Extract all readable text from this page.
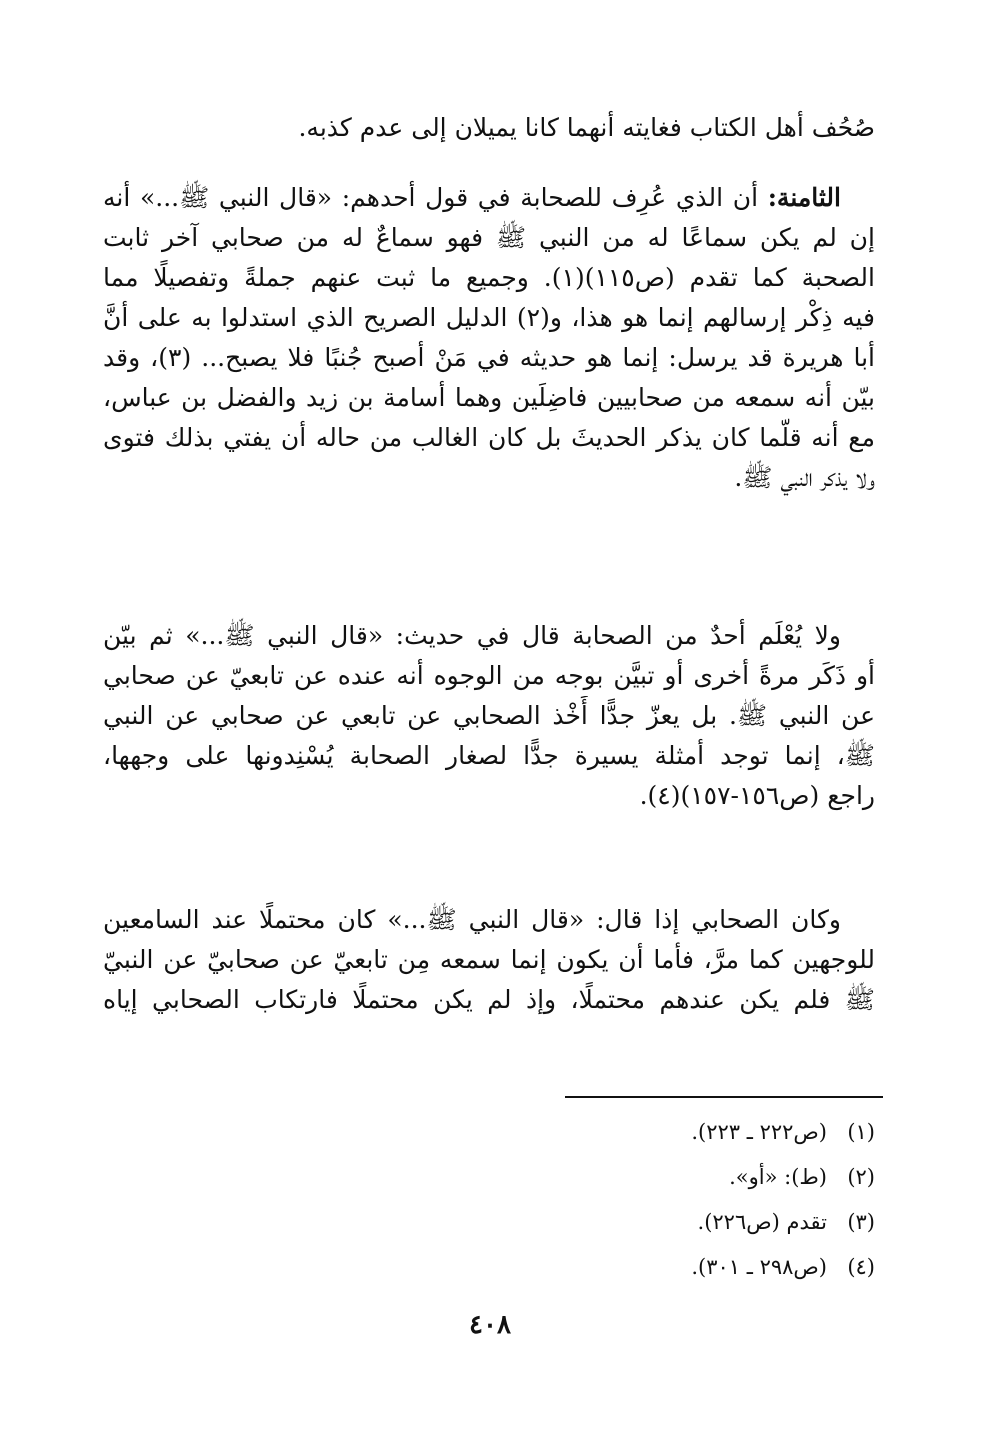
صُحُف أهل الكتاب فغايته أنهما كانا يميلان إلى عدم كذبه.
الثامنة: أن الذي عُرِف للصحابة في قول أحدهم: «قال النبي ﷺ...» أنه
إن لم يكن سماعًا له من النبي ﷺ فهو سماعٌ له من صحابي آخر ثابت
الصحبة كما تقدم (ص١١٥)(١). وجميع ما ثبت عنهم جملةً وتفصيلًا مما
فيه ذِكْر إرسالهم إنما هو هذا، و(٢) الدليل الصريح الذي استدلوا به على أنَّ
أبا هريرة قد يرسل: إنما هو حديثه في مَنْ أصبح جُنبًا فلا يصبح... (٣)، وقد
بيّن أنه سمعه من صحابيين فاضِلَين وهما أسامة بن زيد والفضل بن عباس،
مع أنه قلّما كان يذكر الحديثَ بل كان الغالب من حاله أن يفتي بذلك فتوى
ولا يذكر النبي ﷺ.
ولا يُعْلَم أحدٌ من الصحابة قال في حديث: «قال النبي ﷺ...» ثم بيّن
أو ذَكَر مرةً أخرى أو تبيَّن بوجه من الوجوه أنه عنده عن تابعيّ عن صحابي
عن النبي ﷺ. بل يعزّ جدًّا أَخْذ الصحابي عن تابعي عن صحابي عن النبي
ﷺ، إنما توجد أمثلة يسيرة جدًّا لصغار الصحابة يُسْنِدونها على وجهها،
راجع (ص١٥٦-١٥٧)(٤).
وكان الصحابي إذا قال: «قال النبي ﷺ...» كان محتملًا عند السامعين
للوجهين كما مرَّ، فأما أن يكون إنما سمعه مِن تابعيّ عن صحابيّ عن النبيّ
ﷺ فلم يكن عندهم محتملًا، وإذ لم يكن محتملًا فارتكاب الصحابي إياه
(١)(ص٢٢٢ ـ ٢٢٣).
(٢)(ط): «أو».
(٣)تقدم (ص٢٢٦).
(٤)(ص٢٩٨ ـ ٣٠١).
٤٠٨
